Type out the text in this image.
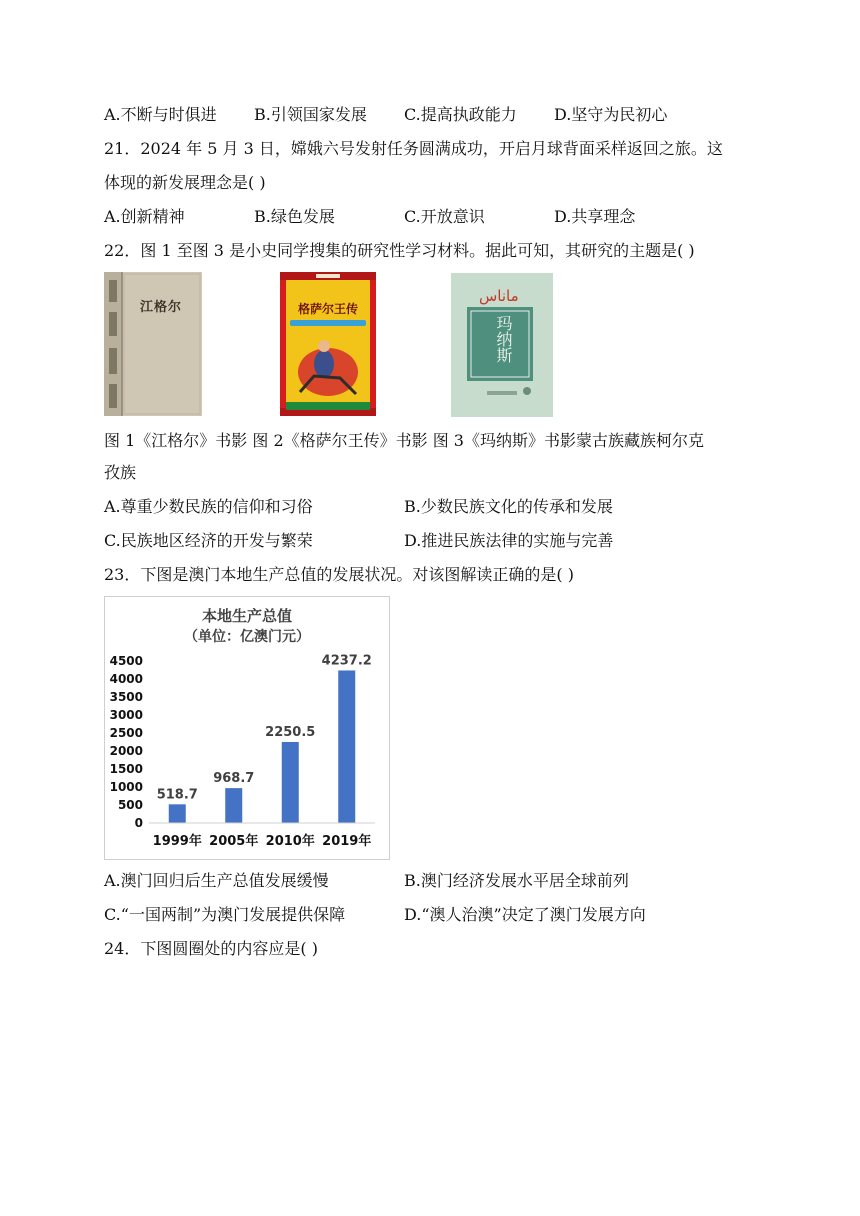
A.不断与时俱进 B.引领国家发展 C.提高执政能力 D.坚守为民初心
21．2024 年 5 月 3 日，嫦娥六号发射任务圆满成功，开启月球背面采样返回之旅。这
体现的新发展理念是( )
A.创新精神	B.绿色发展	C.开放意识	D.共享理念
22．图 1 至图 3 是小史同学搜集的研究性学习材料。据此可知，其研究的主题是( )
江格尔	格萨尔王传
ماناس
玛纳斯
图 1《江格尔》书影 图 2《格萨尔王传》书影 图 3《玛纳斯》书影蒙古族藏族柯尔克
孜族
A.尊重少数民族的信仰和习俗	B.少数民族文化的传承和发展
C.民族地区经济的开发与繁荣	D.推进民族法律的实施与完善
23．下图是澳门本地生产总值的发展状况。对该图解读正确的是( )
本地生产总值
（单位：亿澳门元）
0
500
1000
1500
2000
2500
3000
3500
4000
4500
518.7
968.7
2250.5
4237.2
1999年 2005年 2010年 2019年
A.澳门回归后生产总值发展缓慢	B.澳门经济发展水平居全球前列
C.“一国两制”为澳门发展提供保障	D.“澳人治澳”决定了澳门发展方向
24．下图圆圈处的内容应是( )
